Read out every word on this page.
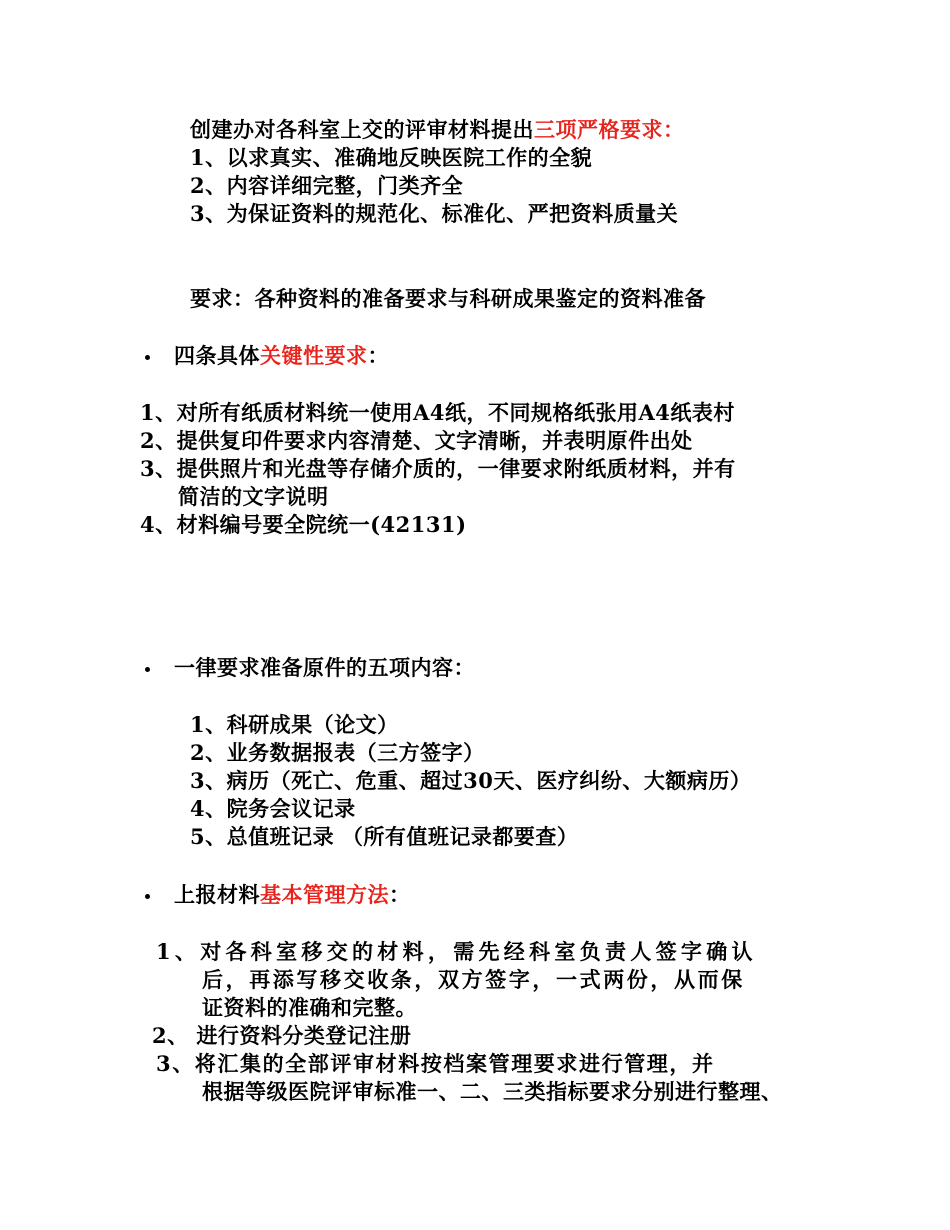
创建办对各科室上交的评审材料提出三项严格要求：
1、以求真实、准确地反映医院工作的全貌
2、内容详细完整，门类齐全
3、为保证资料的规范化、标准化、严把资料质量关
要求：各种资料的准备要求与科研成果鉴定的资料准备
四条具体关键性要求：
1、对所有纸质材料统一使用A4纸，不同规格纸张用A4纸表村
2、提供复印件要求内容清楚、文字清晰，并表明原件出处
3、提供照片和光盘等存储介质的，一律要求附纸质材料，并有
简洁的文字说明
4、材料编号要全院统一(42131)
一律要求准备原件的五项内容：
1、科研成果（论文）
2、业务数据报表（三方签字）
3、病历（死亡、危重、超过30天、医疗纠纷、大额病历）
4、院务会议记录
5、总值班记录 （所有值班记录都要查）
上报材料基本管理方法：
1、对各科室移交的材料，需先经科室负责人签字确认
后，再添写移交收条，双方签字，一式两份，从而保
证资料的准确和完整。
2、 进行资料分类登记注册
3、将汇集的全部评审材料按档案管理要求进行管理，并
根据等级医院评审标准一、二、三类指标要求分别进行整理、
